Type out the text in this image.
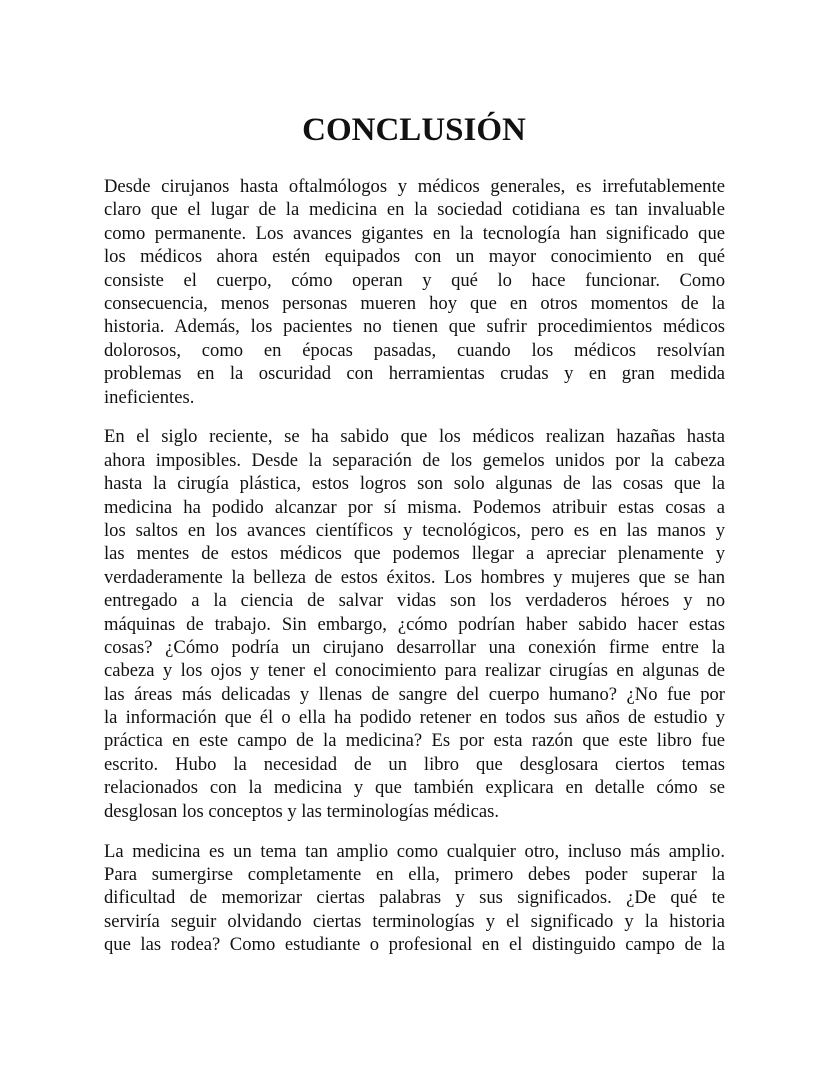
CONCLUSIÓN
Desde cirujanos hasta oftalmólogos y médicos generales, es irrefutablemente
claro que el lugar de la medicina en la sociedad cotidiana es tan invaluable
como permanente. Los avances gigantes en la tecnología han significado que
los médicos ahora estén equipados con un mayor conocimiento en qué
consiste el cuerpo, cómo operan y qué lo hace funcionar. Como
consecuencia, menos personas mueren hoy que en otros momentos de la
historia. Además, los pacientes no tienen que sufrir procedimientos médicos
dolorosos, como en épocas pasadas, cuando los médicos resolvían
problemas en la oscuridad con herramientas crudas y en gran medida
ineficientes.
En el siglo reciente, se ha sabido que los médicos realizan hazañas hasta
ahora imposibles. Desde la separación de los gemelos unidos por la cabeza
hasta la cirugía plástica, estos logros son solo algunas de las cosas que la
medicina ha podido alcanzar por sí misma. Podemos atribuir estas cosas a
los saltos en los avances científicos y tecnológicos, pero es en las manos y
las mentes de estos médicos que podemos llegar a apreciar plenamente y
verdaderamente la belleza de estos éxitos. Los hombres y mujeres que se han
entregado a la ciencia de salvar vidas son los verdaderos héroes y no
máquinas de trabajo. Sin embargo, ¿cómo podrían haber sabido hacer estas
cosas? ¿Cómo podría un cirujano desarrollar una conexión firme entre la
cabeza y los ojos y tener el conocimiento para realizar cirugías en algunas de
las áreas más delicadas y llenas de sangre del cuerpo humano? ¿No fue por
la información que él o ella ha podido retener en todos sus años de estudio y
práctica en este campo de la medicina? Es por esta razón que este libro fue
escrito. Hubo la necesidad de un libro que desglosara ciertos temas
relacionados con la medicina y que también explicara en detalle cómo se
desglosan los conceptos y las terminologías médicas.
La medicina es un tema tan amplio como cualquier otro, incluso más amplio.
Para sumergirse completamente en ella, primero debes poder superar la
dificultad de memorizar ciertas palabras y sus significados. ¿De qué te
serviría seguir olvidando ciertas terminologías y el significado y la historia
que las rodea? Como estudiante o profesional en el distinguido campo de la
